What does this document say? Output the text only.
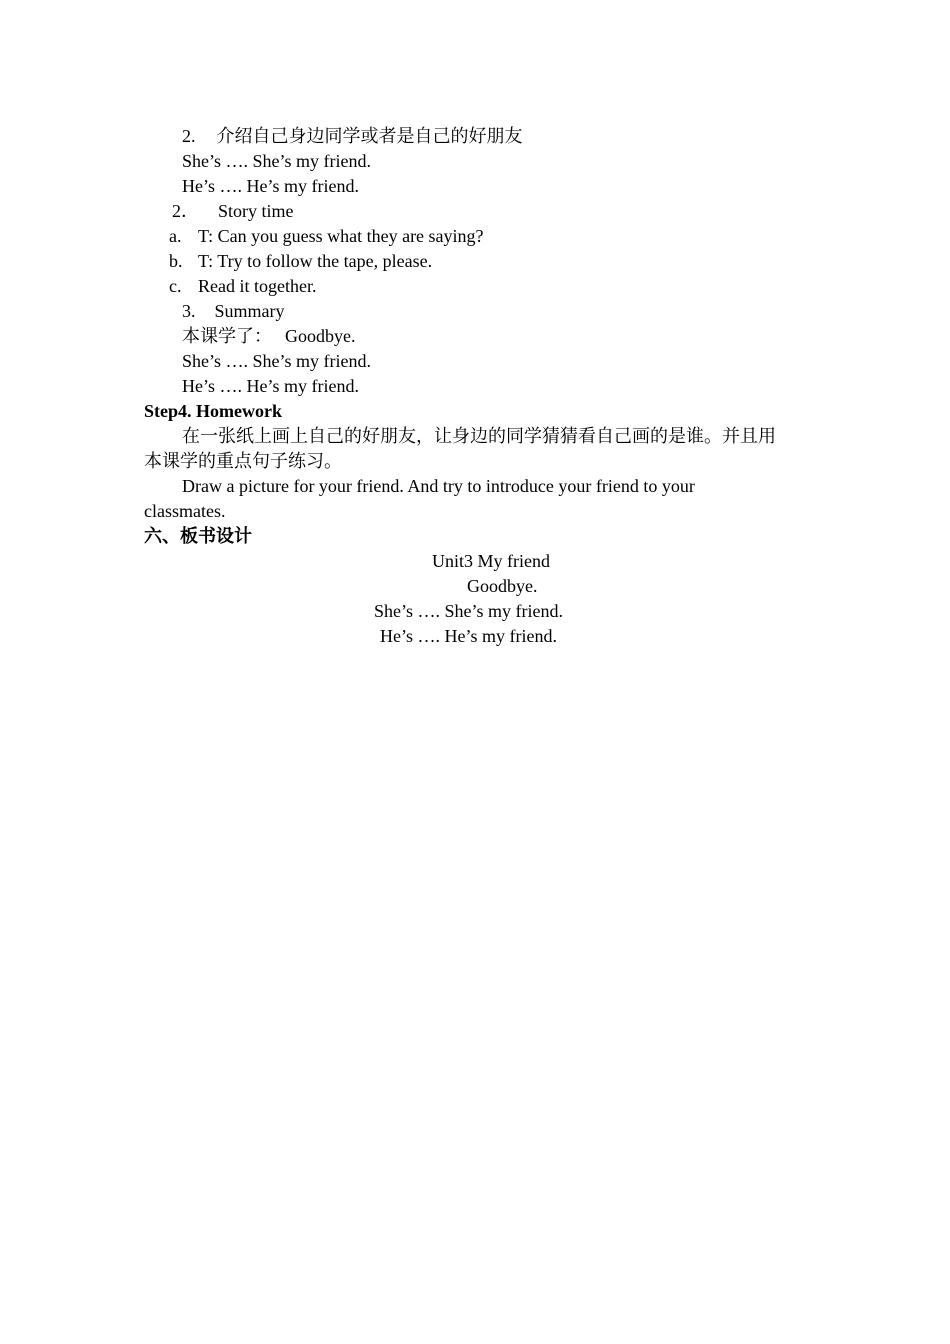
2. 介绍自己身边同学或者是自己的好朋友
She’s …. She’s my friend.
He’s …. He’s my friend.
2． Story time
a. T: Can you guess what they are saying?
b. T: Try to follow the tape, please.
c. Read it together.
3. Summary
本课学了： Goodbye.
She’s …. She’s my friend.
He’s …. He’s my friend.
Step4. Homework
在一张纸上画上自己的好朋友，让身边的同学猜猜看自己画的是谁。并且用
本课学的重点句子练习。
Draw a picture for your friend. And try to introduce your friend to your
classmates.
六、板书设计
Unit3 My friend
Goodbye.
She’s …. She’s my friend.
He’s …. He’s my friend.
